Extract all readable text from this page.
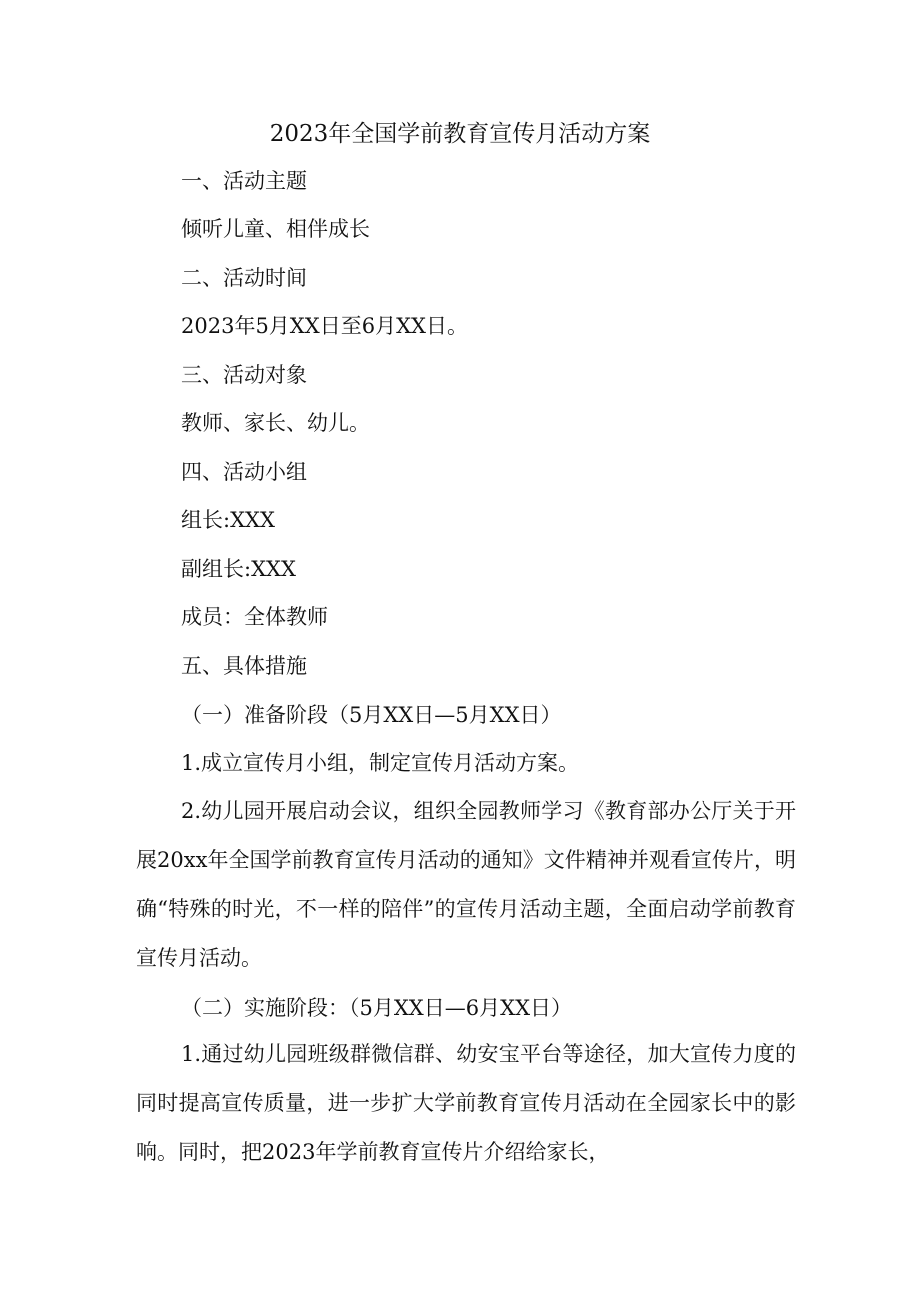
2023年全国学前教育宣传月活动方案
一、活动主题
倾听儿童、相伴成长
二、活动时间
2023年5月XX日至6月XX日。
三、活动对象
教师、家长、幼儿。
四、活动小组
组长:XXX
副组长:XXX
成员：全体教师
五、具体措施
（一）准备阶段（5月XX日—5月XX日）
1.成立宣传月小组，制定宣传月活动方案。
2.幼儿园开展启动会议，组织全园教师学习《教育部办公厅关于开展20xx年全国学前教育宣传月活动的通知》文件精神并观看宣传片，明确“特殊的时光，不一样的陪伴”的宣传月活动主题，全面启动学前教育宣传月活动。
（二）实施阶段：（5月XX日—6月XX日）
1.通过幼儿园班级群微信群、幼安宝平台等途径，加大宣传力度的同时提高宣传质量，进一步扩大学前教育宣传月活动在全园家长中的影响。同时，把2023年学前教育宣传片介绍给家长，
